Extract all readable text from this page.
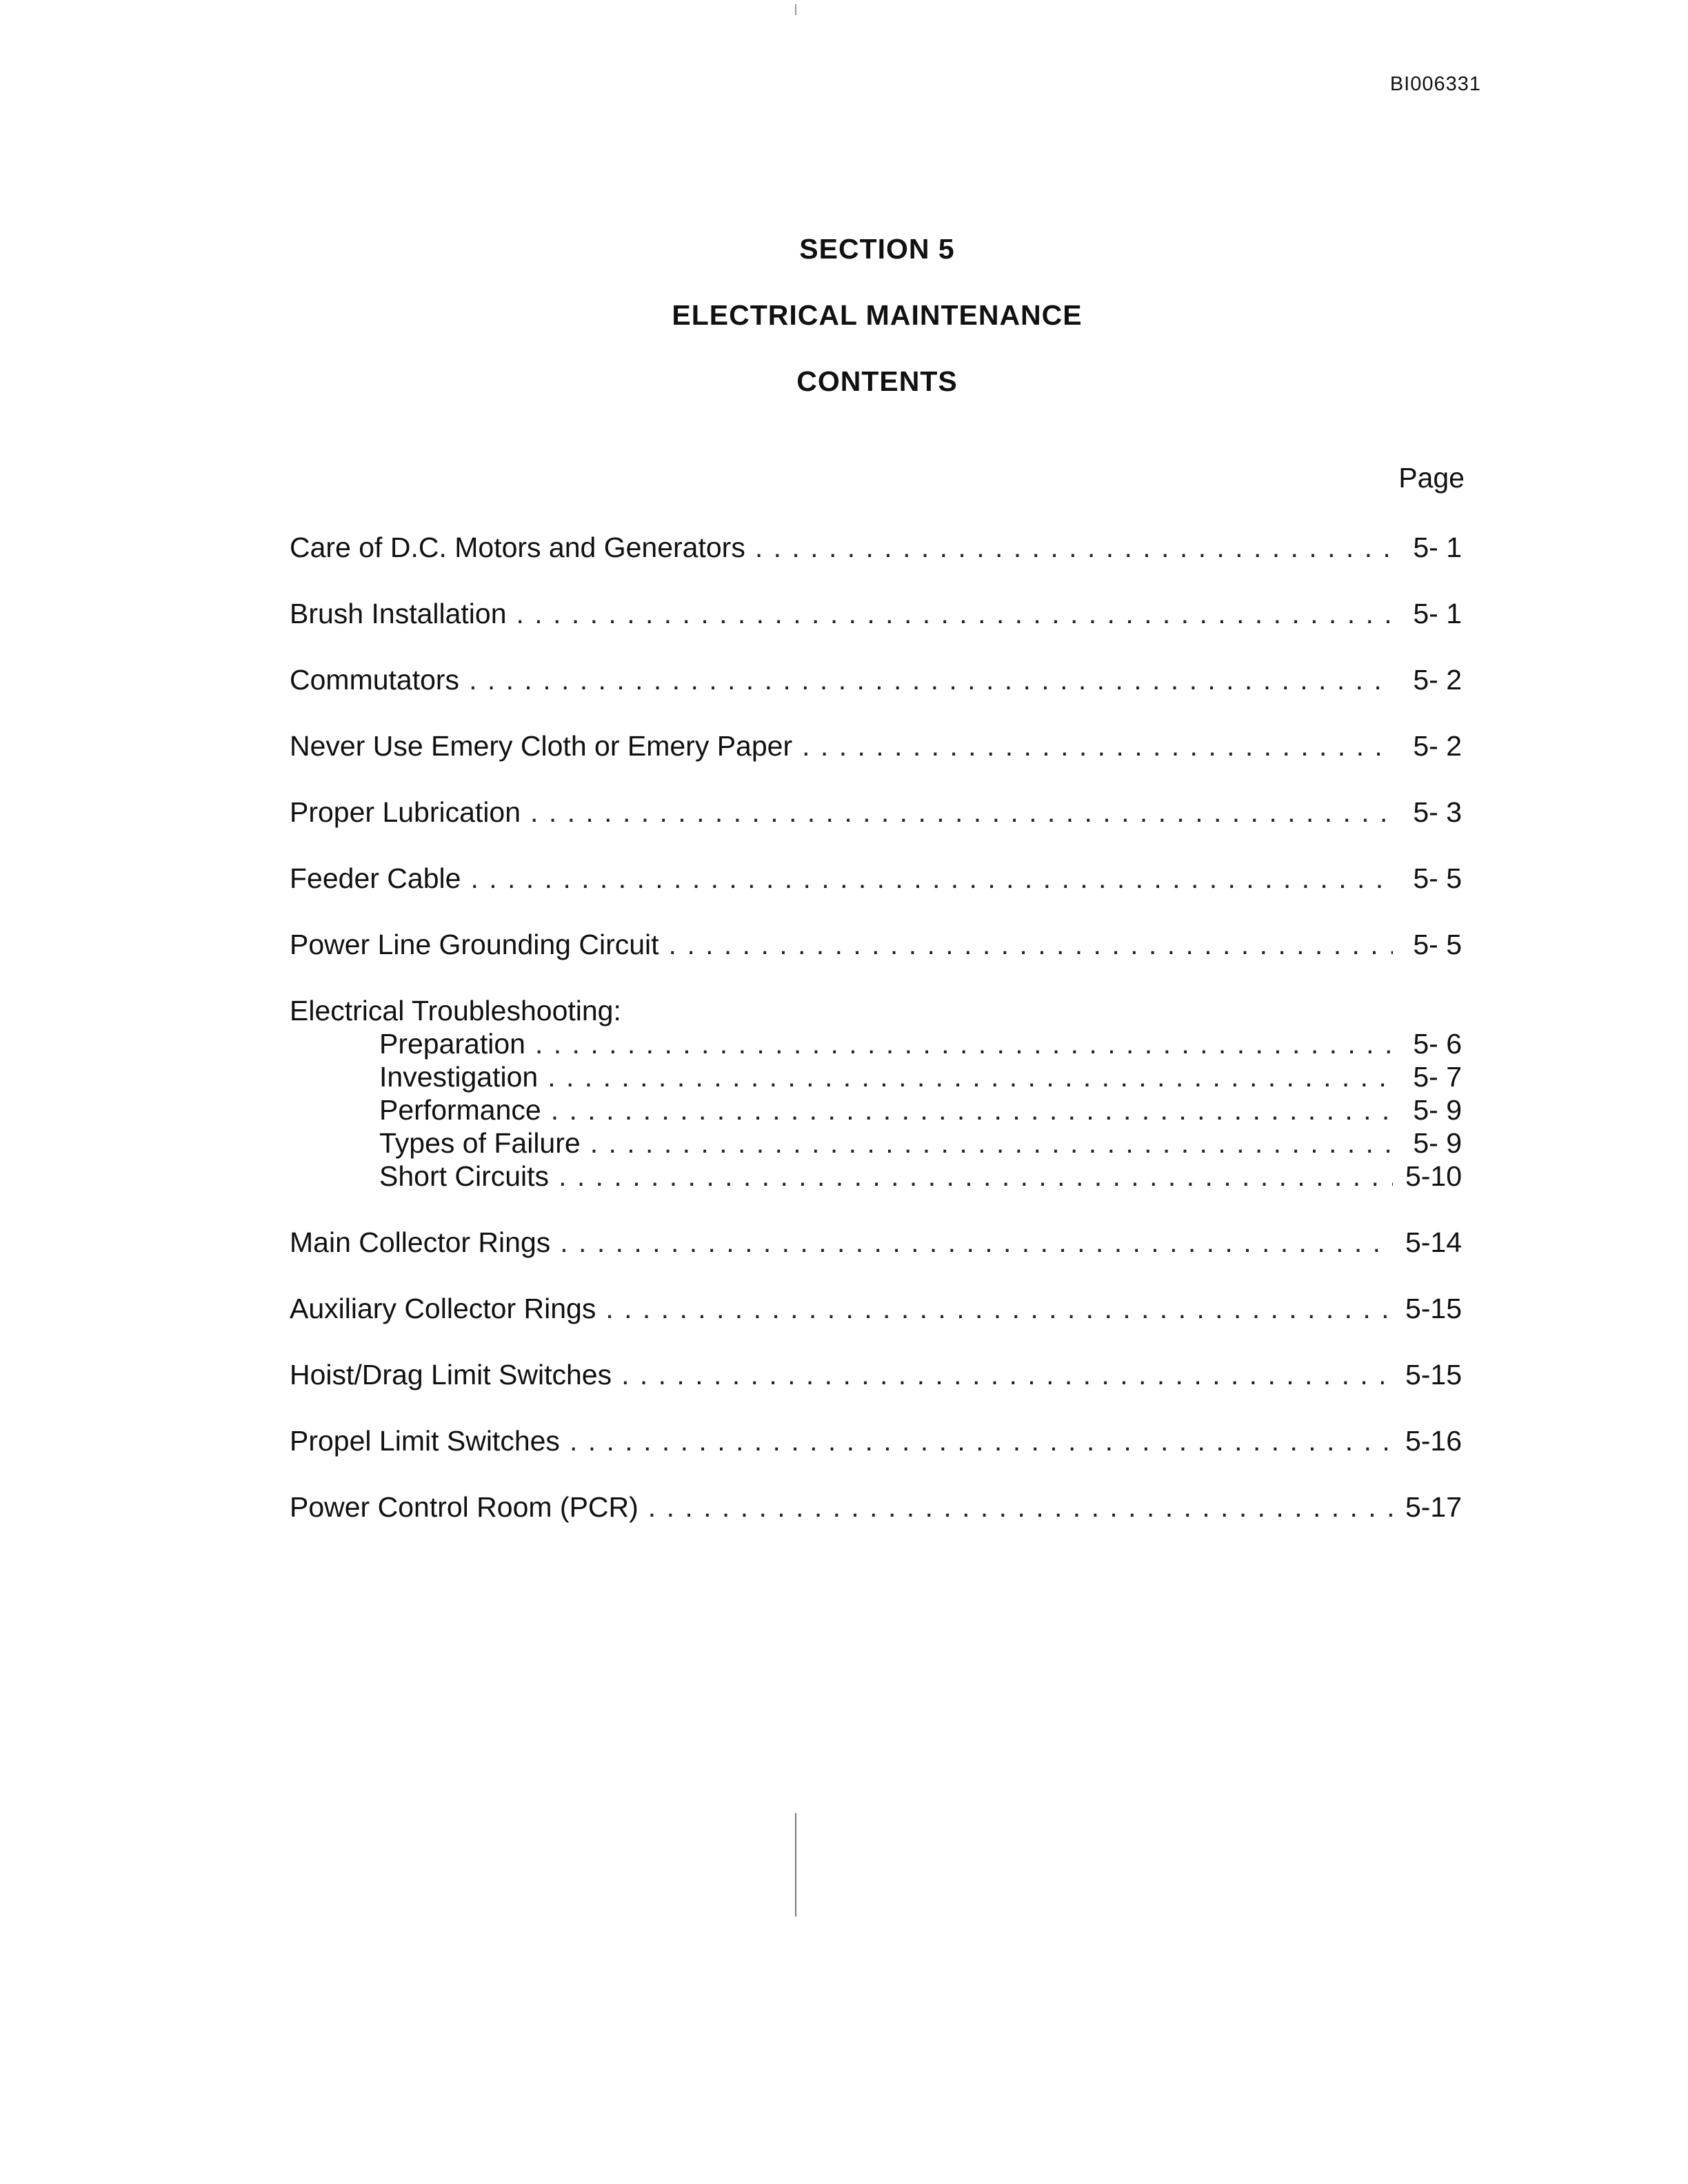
BI006331
SECTION 5
ELECTRICAL MAINTENANCE
CONTENTS
Page
Care of D.C. Motors and Generators . . .	5- 1
Brush Installation . . .	5- 1
Commutators . . .	5- 2
Never Use Emery Cloth or Emery Paper . . .	5- 2
Proper Lubrication . . .	5- 3
Feeder Cable . . .	5- 5
Power Line Grounding Circuit . . .	5- 5
Electrical Troubleshooting:
Preparation . . .	5- 6
Investigation . . .	5- 7
Performance . . .	5- 9
Types of Failure . . .	5- 9
Short Circuits . . .	5-10
Main Collector Rings . . .	5-14
Auxiliary Collector Rings . . .	5-15
Hoist/Drag Limit Switches . . .	5-15
Propel Limit Switches . . .	5-16
Power Control Room (PCR) . . .	5-17
